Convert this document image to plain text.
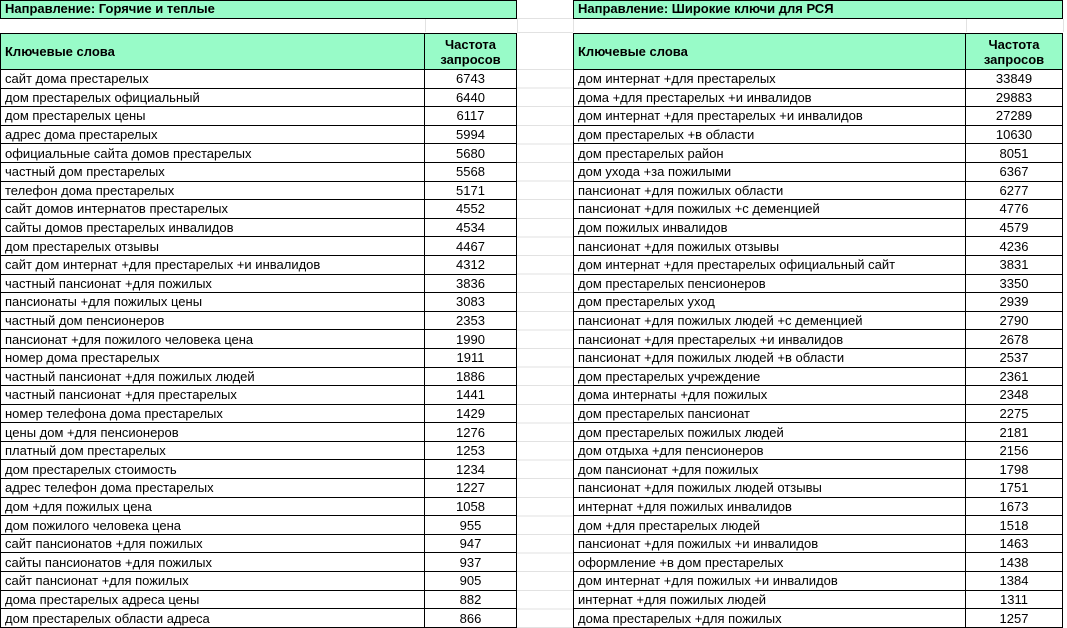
Направление: Горячие и теплые
Ключевые слова	Частота запросов
сайт дома престарелых	6743
дом престарелых официальный	6440
дом престарелых цены	6117
адрес дома престарелых	5994
официальные сайта домов престарелых	5680
частный дом престарелых	5568
телефон дома престарелых	5171
сайт домов интернатов престарелых	4552
сайты домов престарелых инвалидов	4534
дом престарелых отзывы	4467
сайт дом интернат +для престарелых +и инвалидов	4312
частный пансионат +для пожилых	3836
пансионаты +для пожилых цены	3083
частный дом пенсионеров	2353
пансионат +для пожилого человека цена	1990
номер дома престарелых	1911
частный пансионат +для пожилых людей	1886
частный пансионат +для престарелых	1441
номер телефона дома престарелых	1429
цены дом +для пенсионеров	1276
платный дом престарелых	1253
дом престарелых стоимость	1234
адрес телефон дома престарелых	1227
дом +для пожилых цена	1058
дом пожилого человека цена	955
сайт пансионатов +для пожилых	947
сайты пансионатов +для пожилых	937
сайт пансионат +для пожилых	905
дома престарелых адреса цены	882
дом престарелых области адреса	866
Направление: Широкие ключи для РСЯ
Ключевые слова	Частота запросов
дом интернат +для престарелых	33849
дома +для престарелых +и инвалидов	29883
дом интернат +для престарелых +и инвалидов	27289
дом престарелых +в области	10630
дом престарелых район	8051
дом ухода +за пожилыми	6367
пансионат +для пожилых области	6277
пансионат +для пожилых +с деменцией	4776
дом пожилых инвалидов	4579
пансионат +для пожилых отзывы	4236
дом интернат +для престарелых официальный сайт	3831
дом престарелых пенсионеров	3350
дом престарелых уход	2939
пансионат +для пожилых людей +с деменцией	2790
пансионат +для престарелых +и инвалидов	2678
пансионат +для пожилых людей +в области	2537
дом престарелых учреждение	2361
дома интернаты +для пожилых	2348
дом престарелых пансионат	2275
дом престарелых пожилых людей	2181
дом отдыха +для пенсионеров	2156
дом пансионат +для пожилых	1798
пансионат +для пожилых людей отзывы	1751
интернат +для пожилых инвалидов	1673
дом +для престарелых людей	1518
пансионат +для пожилых +и инвалидов	1463
оформление +в дом престарелых	1438
дом интернат +для пожилых +и инвалидов	1384
интернат +для пожилых людей	1311
дома престарелых +для пожилых	1257
